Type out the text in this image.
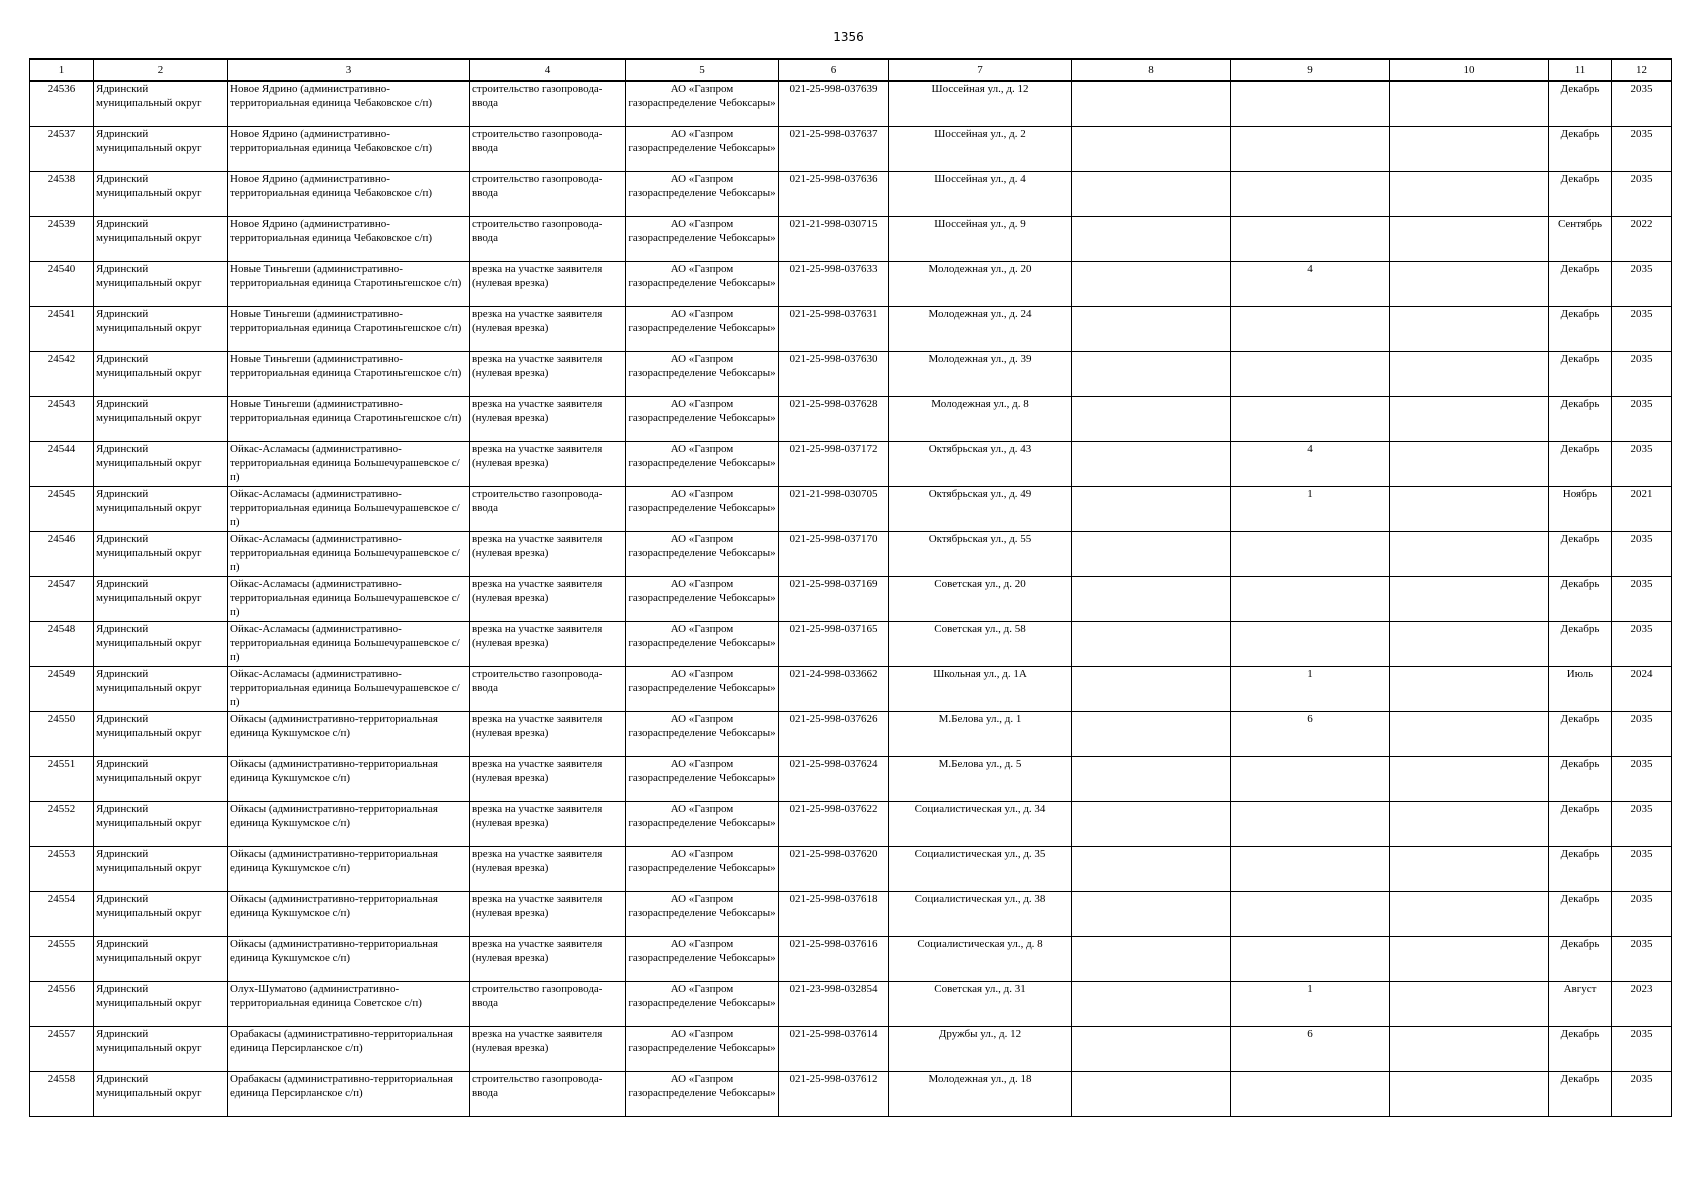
1356
1	2	3	4	5	6	7	8	9	10	11	12

24536	Ядринский муниципальный округ	Новое Ядрино (административно-территориальная единица Чебаковское с/п)	строительство газопровода-ввода	АО «Газпром газораспределение Чебоксары»	021-25-998-037639	Шоссейная ул., д. 12				Декабрь	2035

24537	Ядринский муниципальный округ	Новое Ядрино (административно-территориальная единица Чебаковское с/п)	строительство газопровода-ввода	АО «Газпром газораспределение Чебоксары»	021-25-998-037637	Шоссейная ул., д. 2				Декабрь	2035

24538	Ядринский муниципальный округ	Новое Ядрино (административно-территориальная единица Чебаковское с/п)	строительство газопровода-ввода	АО «Газпром газораспределение Чебоксары»	021-25-998-037636	Шоссейная ул., д. 4				Декабрь	2035

24539	Ядринский муниципальный округ	Новое Ядрино (административно-территориальная единица Чебаковское с/п)	строительство газопровода-ввода	АО «Газпром газораспределение Чебоксары»	021-21-998-030715	Шоссейная ул., д. 9				Сентябрь	2022

24540	Ядринский муниципальный округ	Новые Тиньгеши (административно-территориальная единица Старотиньгешское с/п)	врезка на участке заявителя (нулевая врезка)	АО «Газпром газораспределение Чебоксары»	021-25-998-037633	Молодежная ул., д. 20		4		Декабрь	2035

24541	Ядринский муниципальный округ	Новые Тиньгеши (административно-территориальная единица Старотиньгешское с/п)	врезка на участке заявителя (нулевая врезка)	АО «Газпром газораспределение Чебоксары»	021-25-998-037631	Молодежная ул., д. 24				Декабрь	2035

24542	Ядринский муниципальный округ	Новые Тиньгеши (административно-территориальная единица Старотиньгешское с/п)	врезка на участке заявителя (нулевая врезка)	АО «Газпром газораспределение Чебоксары»	021-25-998-037630	Молодежная ул., д. 39				Декабрь	2035

24543	Ядринский муниципальный округ	Новые Тиньгеши (административно-территориальная единица Старотиньгешское с/п)	врезка на участке заявителя (нулевая врезка)	АО «Газпром газораспределение Чебоксары»	021-25-998-037628	Молодежная ул., д. 8				Декабрь	2035

24544	Ядринский муниципальный округ	Ойкас-Асламасы (административно-территориальная единица Большечурашевское с/п)	врезка на участке заявителя (нулевая врезка)	АО «Газпром газораспределение Чебоксары»	021-25-998-037172	Октябрьская ул., д. 43		4		Декабрь	2035

24545	Ядринский муниципальный округ	Ойкас-Асламасы (административно-территориальная единица Большечурашевское с/п)	строительство газопровода-ввода	АО «Газпром газораспределение Чебоксары»	021-21-998-030705	Октябрьская ул., д. 49		1		Ноябрь	2021

24546	Ядринский муниципальный округ	Ойкас-Асламасы (административно-территориальная единица Большечурашевское с/п)	врезка на участке заявителя (нулевая врезка)	АО «Газпром газораспределение Чебоксары»	021-25-998-037170	Октябрьская ул., д. 55				Декабрь	2035

24547	Ядринский муниципальный округ	Ойкас-Асламасы (административно-территориальная единица Большечурашевское с/п)	врезка на участке заявителя (нулевая врезка)	АО «Газпром газораспределение Чебоксары»	021-25-998-037169	Советская ул., д. 20				Декабрь	2035

24548	Ядринский муниципальный округ	Ойкас-Асламасы (административно-территориальная единица Большечурашевское с/п)	врезка на участке заявителя (нулевая врезка)	АО «Газпром газораспределение Чебоксары»	021-25-998-037165	Советская ул., д. 58				Декабрь	2035

24549	Ядринский муниципальный округ	Ойкас-Асламасы (административно-территориальная единица Большечурашевское с/п)	строительство газопровода-ввода	АО «Газпром газораспределение Чебоксары»	021-24-998-033662	Школьная ул., д. 1А		1		Июль	2024

24550	Ядринский муниципальный округ	Ойкасы (административно-территориальная единица Кукшумское с/п)	врезка на участке заявителя (нулевая врезка)	АО «Газпром газораспределение Чебоксары»	021-25-998-037626	М.Белова ул., д. 1		6		Декабрь	2035

24551	Ядринский муниципальный округ	Ойкасы (административно-территориальная единица Кукшумское с/п)	врезка на участке заявителя (нулевая врезка)	АО «Газпром газораспределение Чебоксары»	021-25-998-037624	М.Белова ул., д. 5				Декабрь	2035

24552	Ядринский муниципальный округ	Ойкасы (административно-территориальная единица Кукшумское с/п)	врезка на участке заявителя (нулевая врезка)	АО «Газпром газораспределение Чебоксары»	021-25-998-037622	Социалистическая ул., д. 34				Декабрь	2035

24553	Ядринский муниципальный округ	Ойкасы (административно-территориальная единица Кукшумское с/п)	врезка на участке заявителя (нулевая врезка)	АО «Газпром газораспределение Чебоксары»	021-25-998-037620	Социалистическая ул., д. 35				Декабрь	2035

24554	Ядринский муниципальный округ	Ойкасы (административно-территориальная единица Кукшумское с/п)	врезка на участке заявителя (нулевая врезка)	АО «Газпром газораспределение Чебоксары»	021-25-998-037618	Социалистическая ул., д. 38				Декабрь	2035

24555	Ядринский муниципальный округ	Ойкасы (административно-территориальная единица Кукшумское с/п)	врезка на участке заявителя (нулевая врезка)	АО «Газпром газораспределение Чебоксары»	021-25-998-037616	Социалистическая ул., д. 8				Декабрь	2035

24556	Ядринский муниципальный округ	Олух-Шуматово (административно-территориальная единица Советское с/п)	строительство газопровода-ввода	АО «Газпром газораспределение Чебоксары»	021-23-998-032854	Советская ул., д. 31		1		Август	2023

24557	Ядринский муниципальный округ	Орабакасы (административно-территориальная единица Персирланское с/п)	врезка на участке заявителя (нулевая врезка)	АО «Газпром газораспределение Чебоксары»	021-25-998-037614	Дружбы ул., д. 12		6		Декабрь	2035

24558	Ядринский муниципальный округ	Орабакасы (административно-территориальная единица Персирланское с/п)	строительство газопровода-ввода	АО «Газпром газораспределение Чебоксары»	021-25-998-037612	Молодежная ул., д. 18				Декабрь	2035
